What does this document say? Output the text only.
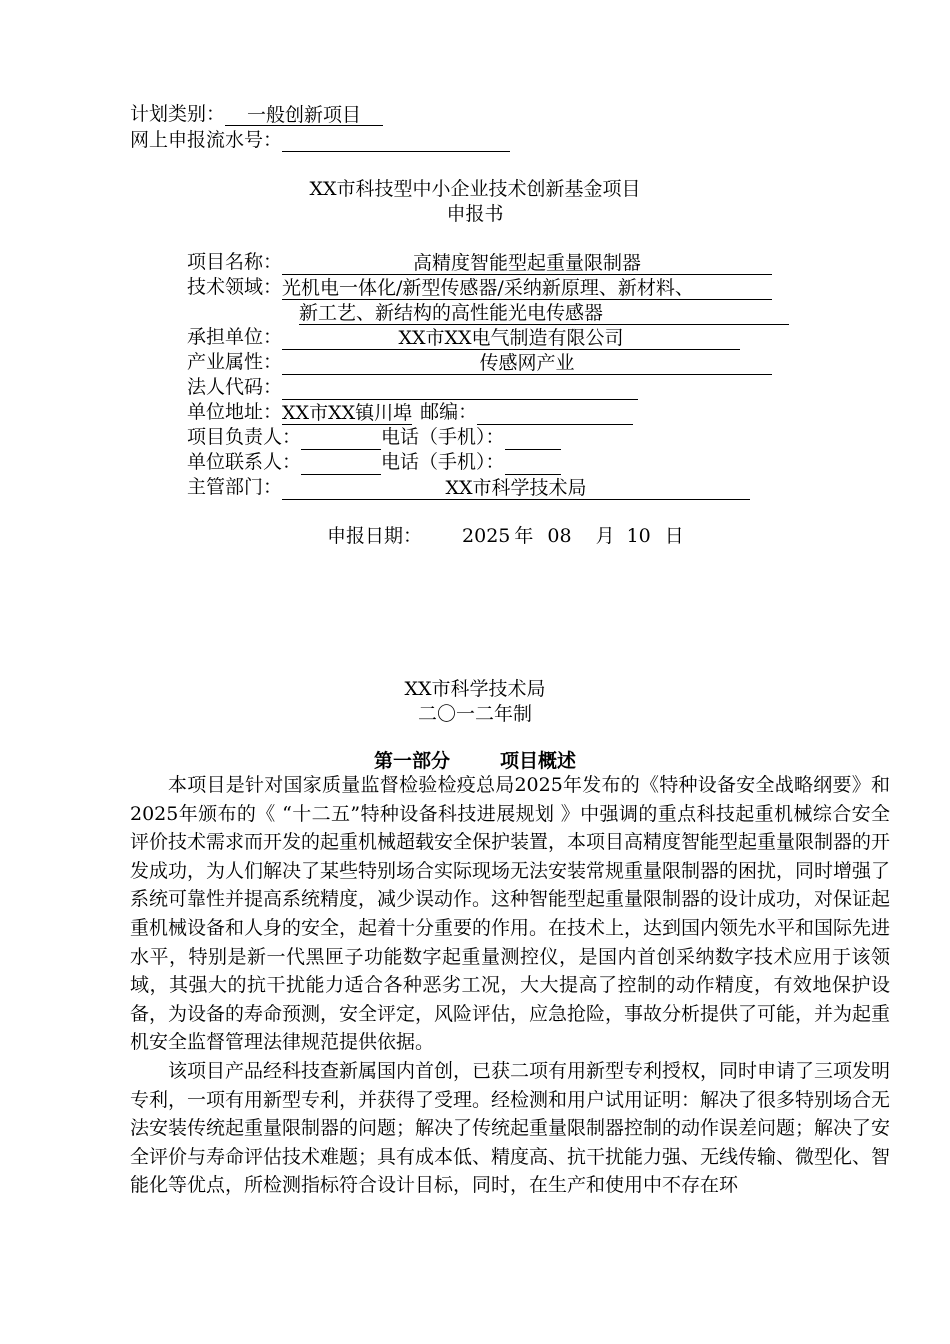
计划类别： 一般创新项目
网上申报流水号：
XX市科技型中小企业技术创新基金项目
申报书
项目名称：	高精度智能型起重量限制器
技术领域：光机电一体化/新型传感器/采纳新原理、新材料、
新工艺、新结构的高性能光电传感器
承担单位：	XX市XX电气制造有限公司
产业属性：	传感网产业
法人代码：
单位地址：XX市XX镇川埠 邮编：
项目负责人：	电话（手机）：
单位联系人：	电话（手机）：
主管部门：	XX市科学技术局
申报日期： 2025 年 08 月 10 日
XX市科学技术局
二〇一二年制
第一部分	项目概述

本项目是针对国家质量监督检验检疫总局2025年发布的《特种设备安全战略纲要》和2025年颁布的《 “十二五”特种设备科技进展规划 》中强调的重点科技起重机械综合安全评价技术需求而开发的起重机械超载安全保护装置，本项目高精度智能型起重量限制器的开发成功，为人们解决了某些特别场合实际现场无法安装常规重量限制器的困扰，同时增强了系统可靠性并提高系统精度，减少误动作。这种智能型起重量限制器的设计成功，对保证起重机械设备和人身的安全，起着十分重要的作用。在技术上，达到国内领先水平和国际先进水平，特别是新一代黑匣子功能数字起重量测控仪，是国内首创采纳数字技术应用于该领域，其强大的抗干扰能力适合各种恶劣工况，大大提高了控制的动作精度，有效地保护设备，为设备的寿命预测，安全评定，风险评估，应急抢险，事故分析提供了可能，并为起重机安全监督管理法律规范提供依据。

该项目产品经科技查新属国内首创，已获二项有用新型专利授权，同时申请了三项发明专利，一项有用新型专利，并获得了受理。经检测和用户试用证明：解决了很多特别场合无法安装传统起重量限制器的问题；解决了传统起重量限制器控制的动作误差问题；解决了安全评价与寿命评估技术难题；具有成本低、精度高、抗干扰能力强、无线传输、微型化、智能化等优点，所检测指标符合设计目标，同时，在生产和使用中不存在环
